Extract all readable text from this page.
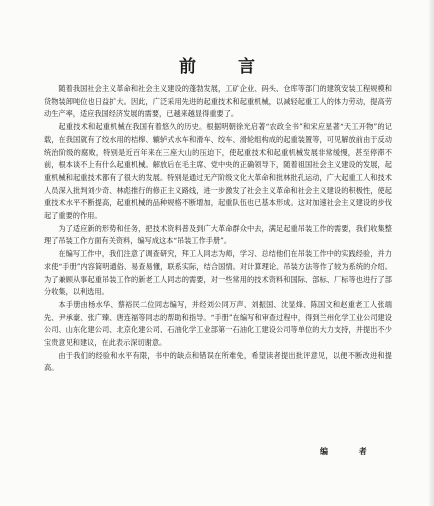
前 言

随着我国社会主义革命和社会主义建设的蓬勃发展，工矿企业、码头、仓库等部门的建筑安装工程规模和货物装卸吨位也日益扩大。因此，广泛采用先进的起重技术和起重机械，以减轻起重工人的体力劳动，提高劳动生产率，适应我国经济发展的需要，已越来越显得重要了。

起重技术和起重机械在我国有着悠久的历史。根据明朝徐光启著“农政全书”和宋应星著“天工开物”的记载，在我国就有了绞水用的桔槔、辘轳式水车和滑车、绞车、滑轮组构成的起重装置等，可见解放前由于反动统治阶级的腐败，特别是近百年来在三座大山的压迫下，使起重技术和起重机械发展非常缓慢，甚至停滞不前，根本谈不上有什么起重机械。解放后在毛主席、党中央的正确领导下，随着祖国社会主义建设的发展，起重机械和起重技术都有了很大的发展。特别是通过无产阶级文化大革命和批林批孔运动，广大起重工人和技术人员深入批判刘少奇、林彪推行的修正主义路线，进一步激发了社会主义革命和社会主义建设的积极性，使起重技术水平不断提高，起重机械的品种规格不断增加，起重队伍也已基本形成。这对加速社会主义建设的步伐起了重要的作用。

为了适应新的形势和任务，把技术资料普及到广大革命群众中去，满足起重吊装工作的需要，我们收集整理了吊装工作方面有关资料，编写成这本“吊装工作手册”。

在编写工作中，我们注意了调查研究，拜工人同志为师，学习、总结他们在吊装工作中的实践经验，并力求使“手册”内容简明通俗、易查易懂，联系实际，结合国情。对计算理论、吊装方法等作了较为系统的介绍。为了兼顾从事起重吊装工作的新老工人同志的需要，对一些常用的技术资料和国际、部标、厂标等也进行了部分收集，以利选用。

本手册由杨水华、蔡裕民二位同志编写，并经刘公同万声、刘振国、沈显烽、陈国文和赵重老工人张端先、尹承豪、张广臻、唐连福等同志的帮助和指导。“手册”在编写和审查过程中，得到兰州化学工业公司建设公司、山东化建公司、北京化建公司、石油化学工业部第一石油化工建设公司等单位的大力支持，并提出不少宝贵意见和建议，在此表示深切谢意。

由于我们的经验和水平有限，书中的缺点和错误在所难免，希望读者提出批评意见，以便不断改进和提高。

编 者
